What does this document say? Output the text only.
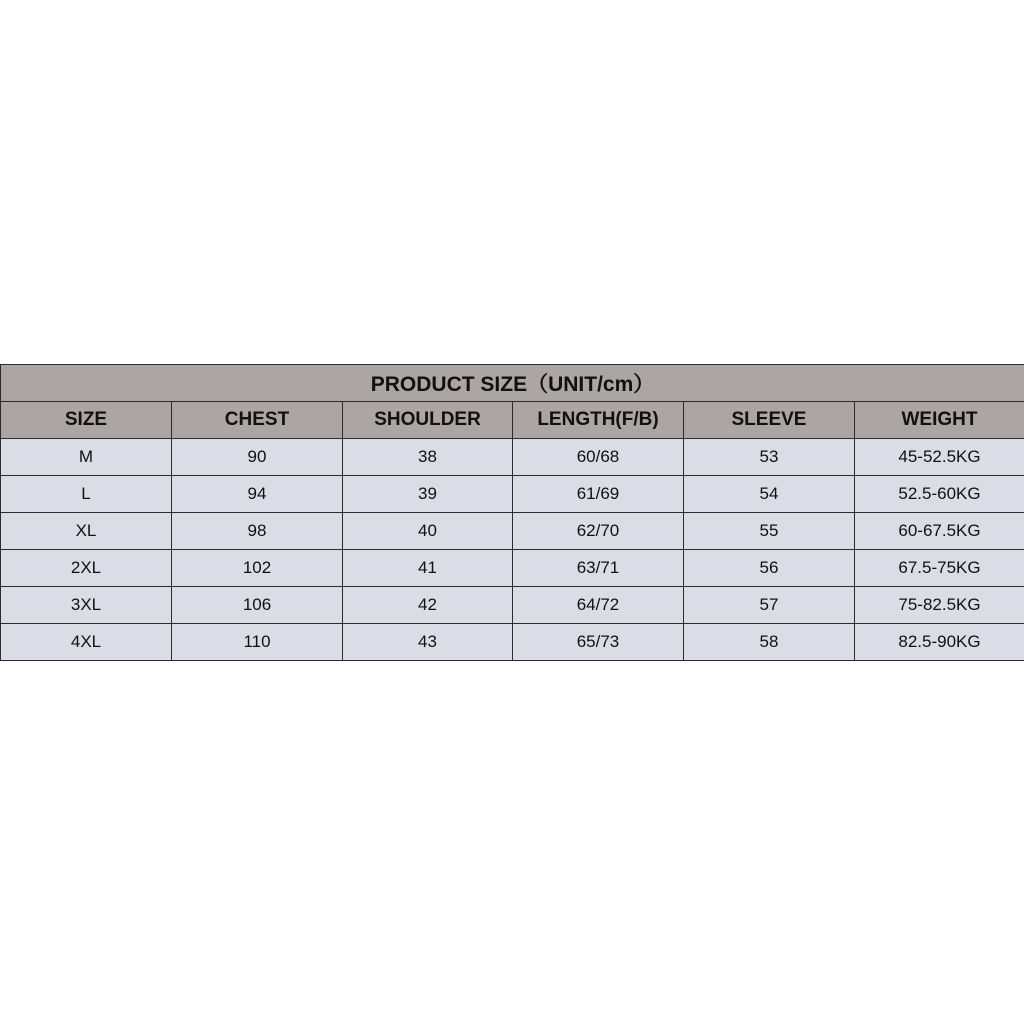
PRODUCT SIZE（UNIT/cm）					
SIZE	CHEST	SHOULDER	LENGTH(F/B)	SLEEVE	WEIGHT
M	90	38	60/68	53	45-52.5KG
L	94	39	61/69	54	52.5-60KG
XL	98	40	62/70	55	60-67.5KG
2XL	102	41	63/71	56	67.5-75KG
3XL	106	42	64/72	57	75-82.5KG
4XL	110	43	65/73	58	82.5-90KG
